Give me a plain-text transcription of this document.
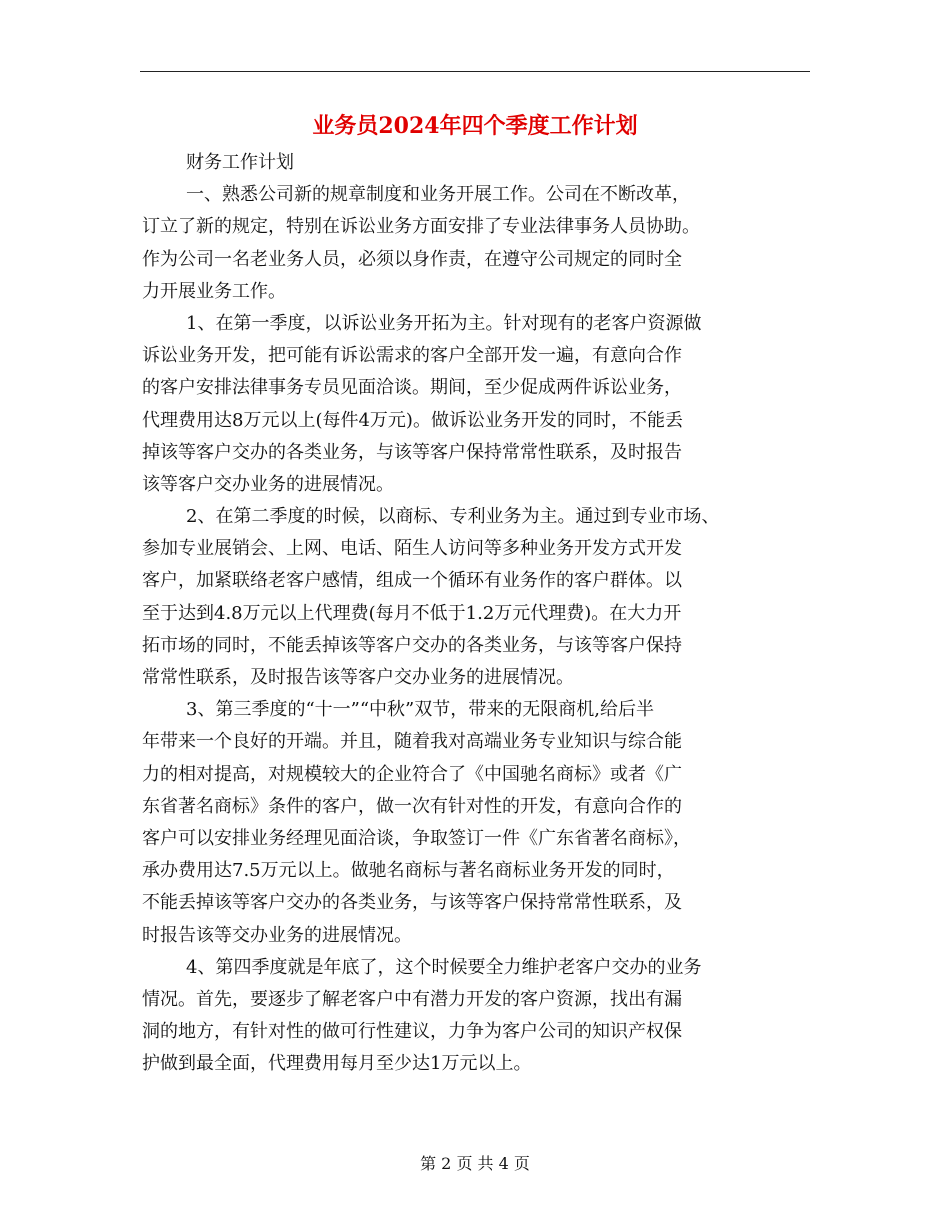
业务员2024年四个季度工作计划
财务工作计划
一、熟悉公司新的规章制度和业务开展工作。公司在不断改革，
订立了新的规定，特别在诉讼业务方面安排了专业法律事务人员协助。
作为公司一名老业务人员，必须以身作责，在遵守公司规定的同时全
力开展业务工作。
1、在第一季度，以诉讼业务开拓为主。针对现有的老客户资源做
诉讼业务开发，把可能有诉讼需求的客户全部开发一遍，有意向合作
的客户安排法律事务专员见面洽谈。期间，至少促成两件诉讼业务，
代理费用达8万元以上(每件4万元)。做诉讼业务开发的同时，不能丢
掉该等客户交办的各类业务，与该等客户保持常常性联系，及时报告
该等客户交办业务的进展情况。
2、在第二季度的时候，以商标、专利业务为主。通过到专业市场、
参加专业展销会、上网、电话、陌生人访问等多种业务开发方式开发
客户，加紧联络老客户感情，组成一个循环有业务作的客户群体。以
至于达到4.8万元以上代理费(每月不低于1.2万元代理费)。在大力开
拓市场的同时，不能丢掉该等客户交办的各类业务，与该等客户保持
常常性联系，及时报告该等客户交办业务的进展情况。
3、第三季度的“十一”“中秋”双节，带来的无限商机,给后半
年带来一个良好的开端。并且，随着我对高端业务专业知识与综合能
力的相对提高，对规模较大的企业符合了《中国驰名商标》或者《广
东省著名商标》条件的客户，做一次有针对性的开发，有意向合作的
客户可以安排业务经理见面洽谈，争取签订一件《广东省著名商标》，
承办费用达7.5万元以上。做驰名商标与著名商标业务开发的同时，
不能丢掉该等客户交办的各类业务，与该等客户保持常常性联系，及
时报告该等交办业务的进展情况。
4、第四季度就是年底了，这个时候要全力维护老客户交办的业务
情况。首先，要逐步了解老客户中有潜力开发的客户资源，找出有漏
洞的地方，有针对性的做可行性建议，力争为客户公司的知识产权保
护做到最全面，代理费用每月至少达1万元以上。
第 2 页 共 4 页
